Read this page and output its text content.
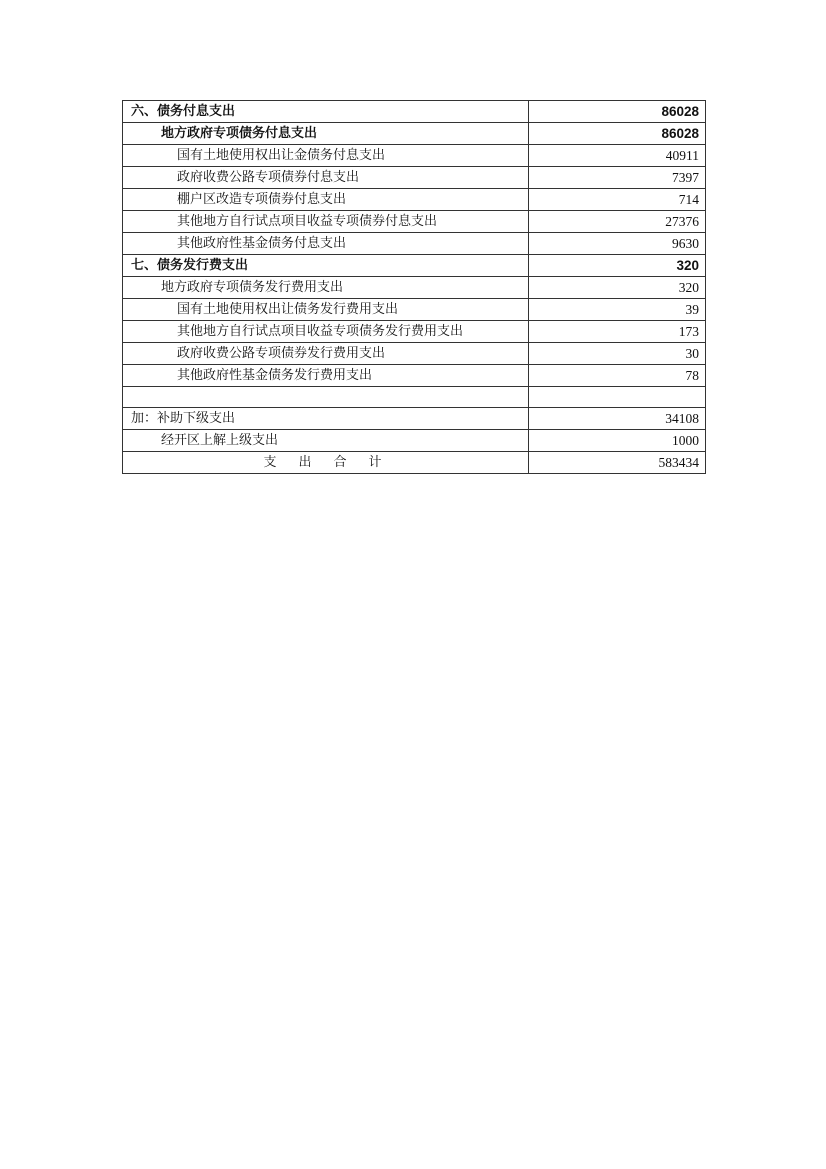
六、债务付息支出	86028
地方政府专项债务付息支出	86028
国有土地使用权出让金债务付息支出	40911
政府收费公路专项债券付息支出	7397
棚户区改造专项债券付息支出	714
其他地方自行试点项目收益专项债券付息支出	27376
其他政府性基金债务付息支出	9630
七、债务发行费支出	320
地方政府专项债务发行费用支出	320
国有土地使用权出让债务发行费用支出	39
其他地方自行试点项目收益专项债务发行费用支出	173
政府收费公路专项债券发行费用支出	30
其他政府性基金债务发行费用支出	78

加：补助下级支出	34108
经开区上解上级支出	1000
支出合计	583434
